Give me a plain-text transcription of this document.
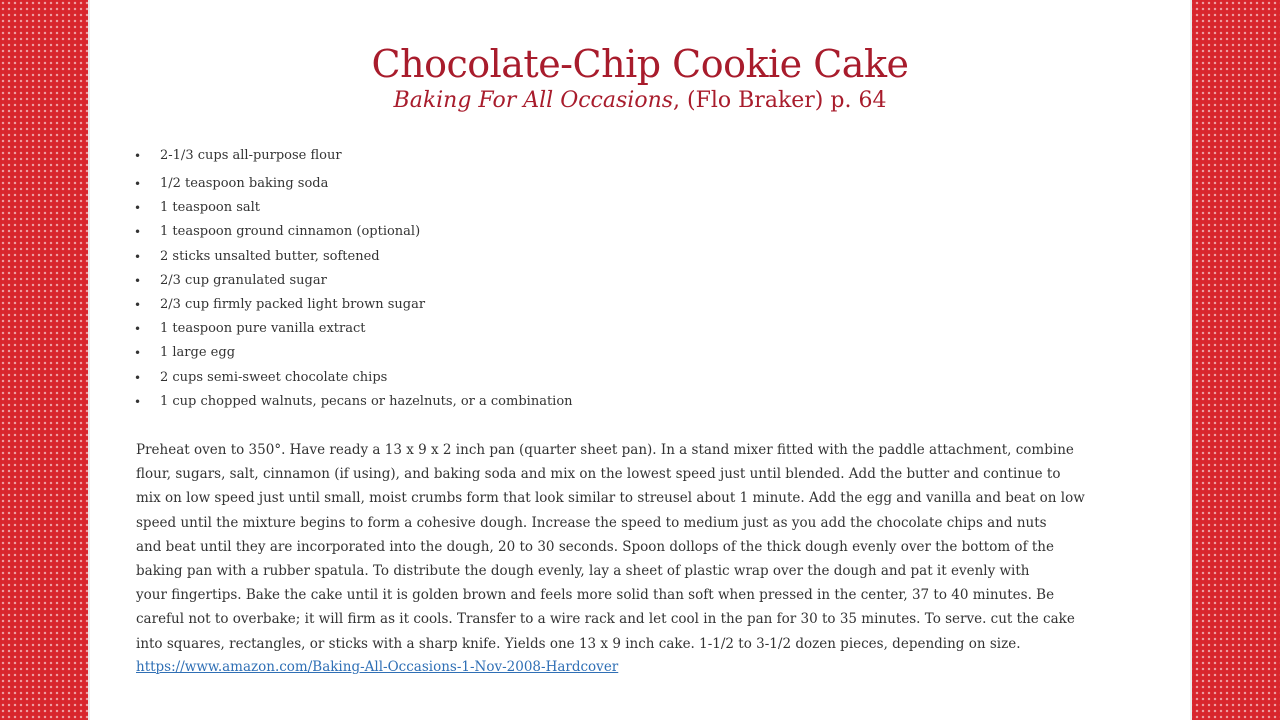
Chocolate-Chip Cookie Cake
Baking For All Occasions, (Flo Braker) p. 64
• 2-1/3 cups all-purpose flour
• 1/2 teaspoon baking soda
• 1 teaspoon salt
• 1 teaspoon ground cinnamon (optional)
• 2 sticks unsalted butter, softened
• 2/3 cup granulated sugar
• 2/3 cup firmly packed light brown sugar
• 1 teaspoon pure vanilla extract
• 1 large egg
• 2 cups semi-sweet chocolate chips
• 1 cup chopped walnuts, pecans or hazelnuts, or a combination
Preheat oven to 350°. Have ready a 13 x 9 x 2 inch pan (quarter sheet pan). In a stand mixer fitted with the paddle attachment, combine
flour, sugars, salt, cinnamon (if using), and baking soda and mix on the lowest speed just until blended. Add the butter and continue to
mix on low speed just until small, moist crumbs form that look similar to streusel about 1 minute. Add the egg and vanilla and beat on low
speed until the mixture begins to form a cohesive dough. Increase the speed to medium just as you add the chocolate chips and nuts
and beat until they are incorporated into the dough, 20 to 30 seconds. Spoon dollops of the thick dough evenly over the bottom of the
baking pan with a rubber spatula. To distribute the dough evenly, lay a sheet of plastic wrap over the dough and pat it evenly with
your fingertips. Bake the cake until it is golden brown and feels more solid than soft when pressed in the center, 37 to 40 minutes. Be
careful not to overbake; it will firm as it cools. Transfer to a wire rack and let cool in the pan for 30 to 35 minutes. To serve. cut the cake
into squares, rectangles, or sticks with a sharp knife. Yields one 13 x 9 inch cake. 1-1/2 to 3-1/2 dozen pieces, depending on size.
https://www.amazon.com/Baking-All-Occasions-1-Nov-2008-Hardcover
